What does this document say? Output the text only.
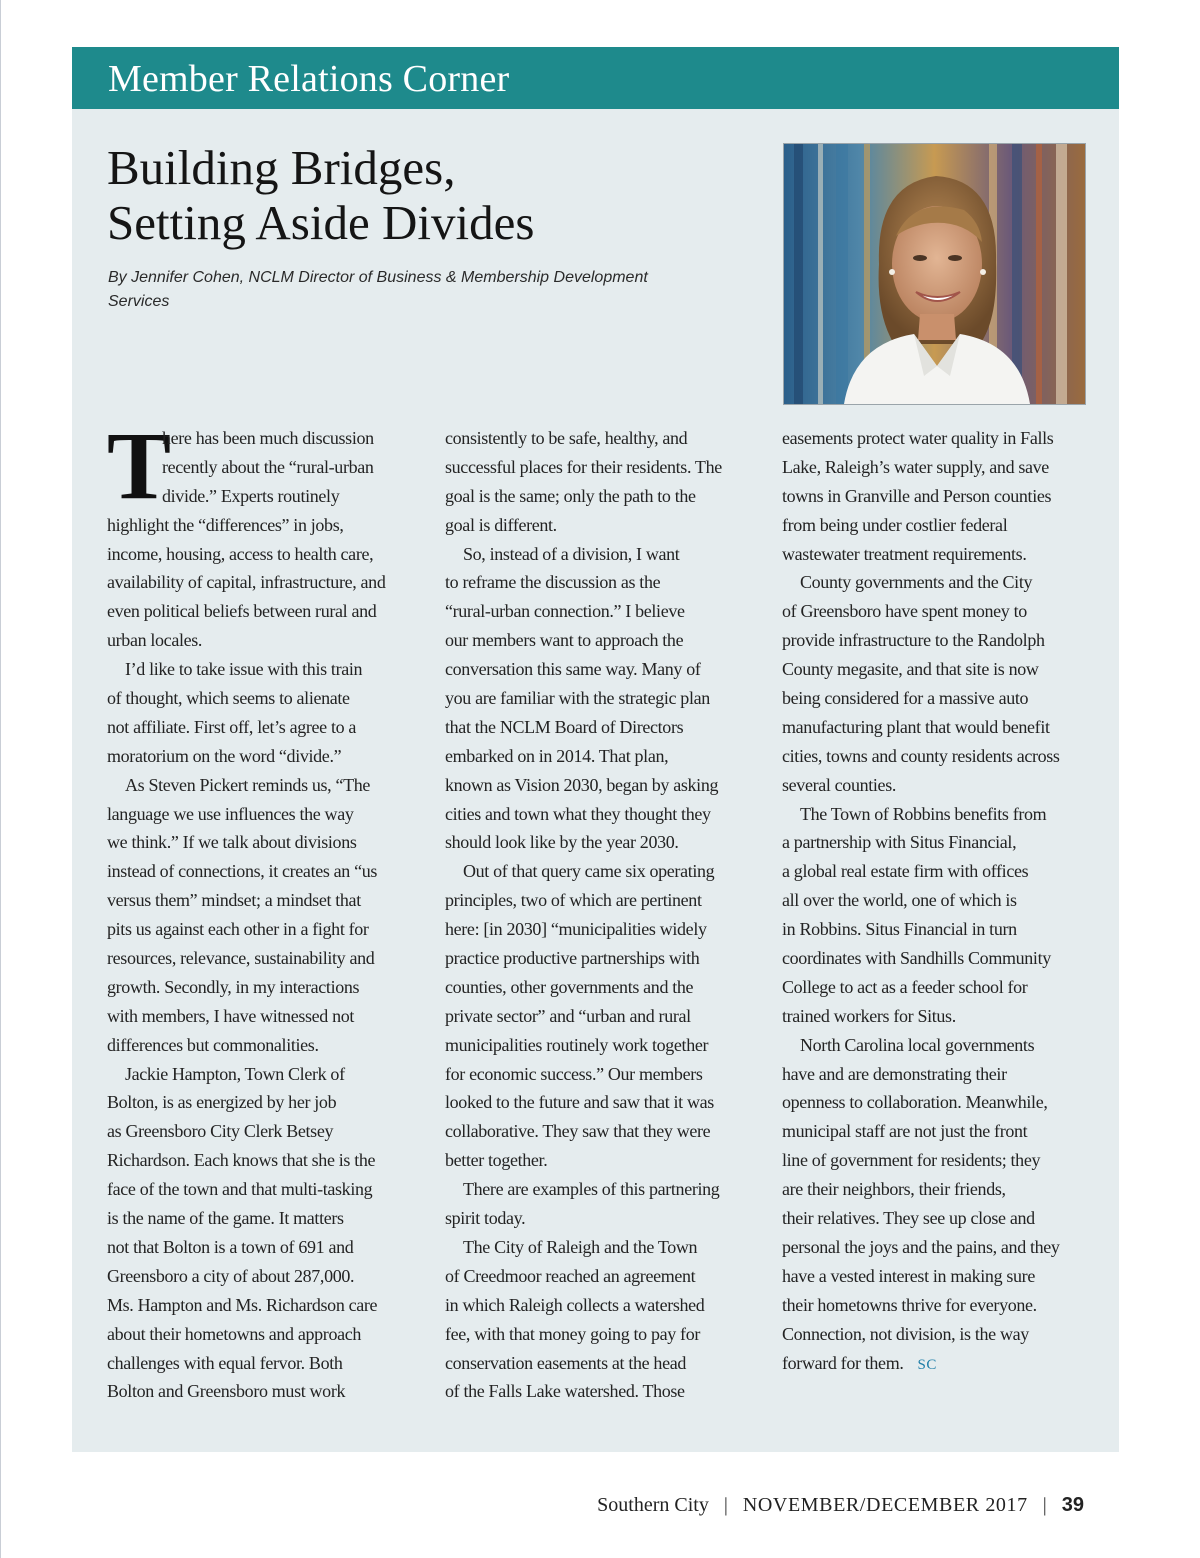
Member Relations Corner
Building Bridges,
Setting Aside Divides
By Jennifer Cohen, NCLM Director of Business & Membership Development
Services
T
here has been much discussion
recently about the “rural-urban
divide.” Experts routinely
highlight the “differences” in jobs,
income, housing, access to health care,
availability of capital, infrastructure, and
even political beliefs between rural and
urban locales.
I’d like to take issue with this train
of thought, which seems to alienate
not affiliate. First off, let’s agree to a
moratorium on the word “divide.”
As Steven Pickert reminds us, “The
language we use influences the way
we think.” If we talk about divisions
instead of connections, it creates an “us
versus them” mindset; a mindset that
pits us against each other in a fight for
resources, relevance, sustainability and
growth. Secondly, in my interactions
with members, I have witnessed not
differences but commonalities.
Jackie Hampton, Town Clerk of
Bolton, is as energized by her job
as Greensboro City Clerk Betsey
Richardson. Each knows that she is the
face of the town and that multi-tasking
is the name of the game. It matters
not that Bolton is a town of 691 and
Greensboro a city of about 287,000.
Ms. Hampton and Ms. Richardson care
about their hometowns and approach
challenges with equal fervor. Both
Bolton and Greensboro must work
consistently to be safe, healthy, and
successful places for their residents. The
goal is the same; only the path to the
goal is different.
So, instead of a division, I want
to reframe the discussion as the
“rural-urban connection.” I believe
our members want to approach the
conversation this same way. Many of
you are familiar with the strategic plan
that the NCLM Board of Directors
embarked on in 2014. That plan,
known as Vision 2030, began by asking
cities and town what they thought they
should look like by the year 2030.
Out of that query came six operating
principles, two of which are pertinent
here: [in 2030] “municipalities widely
practice productive partnerships with
counties, other governments and the
private sector” and “urban and rural
municipalities routinely work together
for economic success.” Our members
looked to the future and saw that it was
collaborative. They saw that they were
better together.
There are examples of this partnering
spirit today.
The City of Raleigh and the Town
of Creedmoor reached an agreement
in which Raleigh collects a watershed
fee, with that money going to pay for
conservation easements at the head
of the Falls Lake watershed. Those
easements protect water quality in Falls
Lake, Raleigh’s water supply, and save
towns in Granville and Person counties
from being under costlier federal
wastewater treatment requirements.
County governments and the City
of Greensboro have spent money to
provide infrastructure to the Randolph
County megasite, and that site is now
being considered for a massive auto
manufacturing plant that would benefit
cities, towns and county residents across
several counties.
The Town of Robbins benefits from
a partnership with Situs Financial,
a global real estate firm with offices
all over the world, one of which is
in Robbins. Situs Financial in turn
coordinates with Sandhills Community
College to act as a feeder school for
trained workers for Situs.
North Carolina local governments
have and are demonstrating their
openness to collaboration. Meanwhile,
municipal staff are not just the front
line of government for residents; they
are their neighbors, their friends,
their relatives. They see up close and
personal the joys and the pains, and they
have a vested interest in making sure
their hometowns thrive for everyone.
Connection, not division, is the way
forward for them. SC
Southern City | NOVEMBER/DECEMBER 2017 | 39
